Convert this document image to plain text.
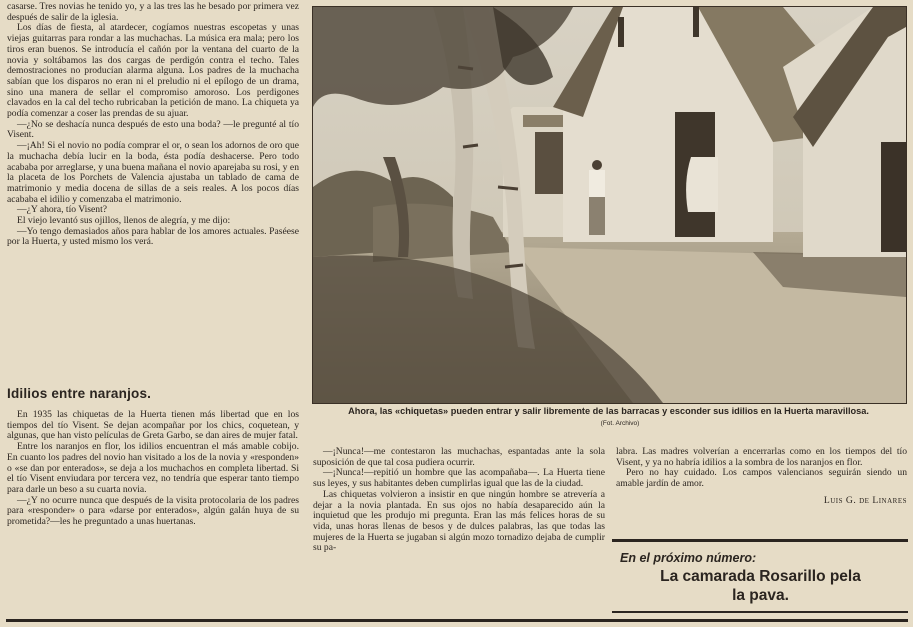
casarse. Tres novias he tenido yo, y a las tres las he besado por primera vez después de salir de la iglesia.

Los días de fiesta, al atardecer, cogíamos nuestras escopetas y unas viejas guitarras para rondar a las muchachas. La música era mala; pero los tiros eran buenos. Se introducía el cañón por la ventana del cuarto de la novia y soltábamos las dos cargas de perdigón contra el techo. Tales demostraciones no producían alarma alguna. Los padres de la muchacha sabían que los disparos no eran ni el preludio ni el epílogo de un drama, sino una manera de sellar el compromiso amoroso. Los perdigones clavados en la cal del techo rubricaban la petición de mano. La chiqueta ya podía comenzar a coser las prendas de su ajuar.

—¿No se deshacía nunca después de esto una boda? —le pregunté al tío Visent.

—¡Ah! Si el novio no podía comprar el or, o sean los adornos de oro que la muchacha debía lucir en la boda, ésta podía deshacerse. Pero todo acababa por arreglarse, y una buena mañana el novio aparejaba su rosi, y en la placeta de los Porchets de Valencia ajustaba un tablado de cama de matrimonio y media docena de sillas de a seis reales. A los pocos días acababa el idilio y comenzaba el matrimonio.

—¿Y ahora, tío Visent?

El viejo levantó sus ojillos, llenos de alegría, y me dijo:

—Yo tengo demasiados años para hablar de los amores actuales. Paséese por la Huerta, y usted mismo los verá.

Idilios entre naranjos.

En 1935 las chiquetas de la Huerta tienen más libertad que en los tiempos del tío Visent. Se dejan acompañar por los chics, coquetean, y algunas, que han visto películas de Greta Garbo, se dan aires de mujer fatal.

Entre los naranjos en flor, los idilios encuentran el más amable cobijo. En cuanto los padres del novio han visitado a los de la novia y «responden» o «se dan por enterados», se deja a los muchachos en completa libertad. Si el tío Visent enviudara por tercera vez, no tendría que esperar tanto tiempo para darle un beso a su cuarta novia.

—¿Y no ocurre nunca que después de la visita protocolaria de los padres para «responder» o para «darse por enterados», algún galán huya de su prometida?—les he preguntado a unas huertanas.

Ahora, las «chiquetas» pueden entrar y salir libremente de las barracas y esconder sus idilios en la Huerta maravillosa.
(Fot. Archivo)

—¡Nunca!—me contestaron las muchachas, espantadas ante la sola suposición de que tal cosa pudiera ocurrir.

—¡Nunca!—repitió un hombre que las acompañaba—. La Huerta tiene sus leyes, y sus habitantes deben cumplirlas igual que las de la ciudad.

Las chiquetas volvieron a insistir en que ningún hombre se atrevería a dejar a la novia plantada. En sus ojos no había desaparecido aún la inquietud que les produjo mi pregunta. Eran las más felices horas de su vida, unas horas llenas de besos y de dulces palabras, las que todas las mujeres de la Huerta se jugaban si algún mozo tornadizo dejaba de cumplir su pa-

labra. Las madres volverían a encerrarlas como en los tiempos del tío Visent, y ya no habría idilios a la sombra de los naranjos en flor.

Pero no hay cuidado. Los campos valencianos seguirán siendo un amable jardín de amor.

Luis G. de Linares
En el próximo número:
La camarada Rosarillo pela
la pava.
